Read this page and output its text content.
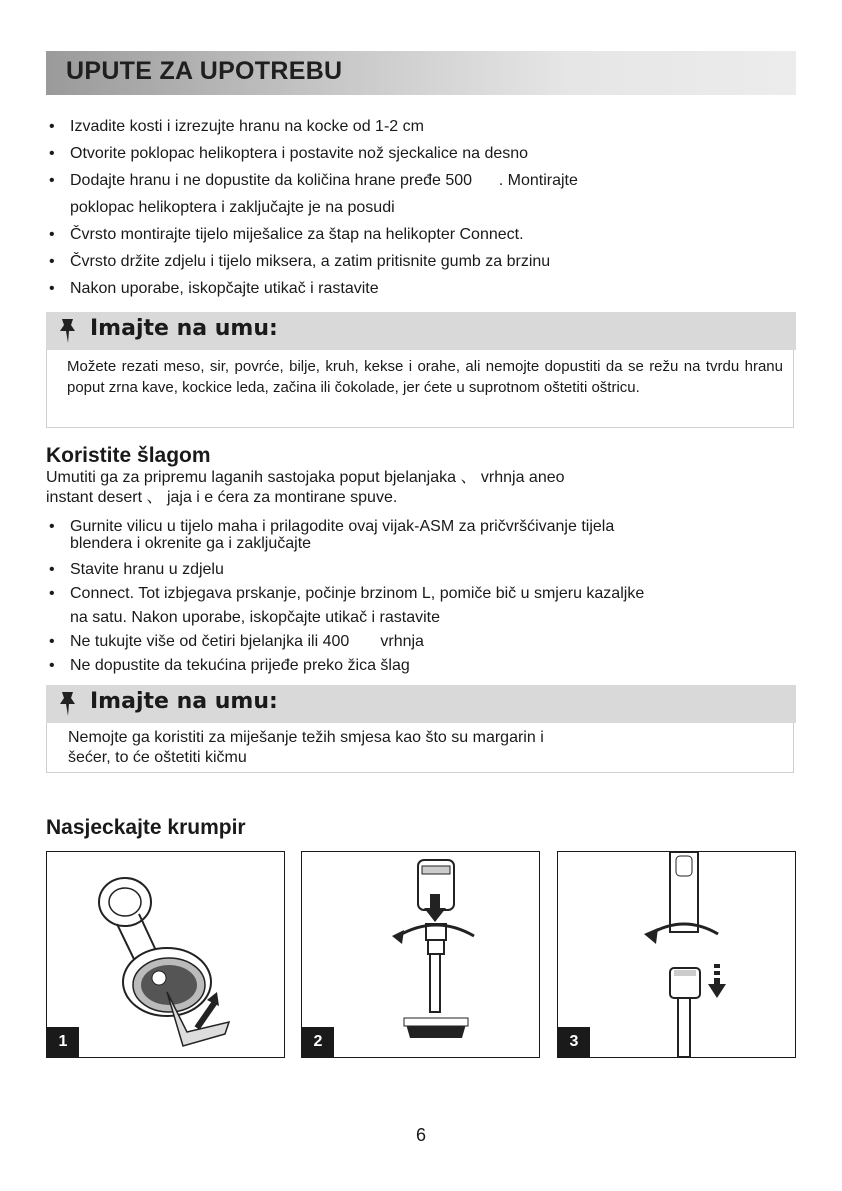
UPUTE ZA UPOTREBU
• Izvadite kosti i izrezujte hranu na kocke od 1-2 cm
• Otvorite poklopac helikoptera i postavite nož sjeckalice na desno
• Dodajte hranu i ne dopustite da količina hrane pređe 500      . Montirajte
poklopac helikoptera i zaključajte je na posudi
• Čvrsto montirajte tijelo miješalice za štap na helikopter Connect.
• Čvrsto držite zdjelu i tijelo miksera, a zatim pritisnite gumb za brzinu
• Nakon uporabe, iskopčajte utikač i rastavite
Imajte na umu:

Možete rezati meso, sir, povrće, bilje, kruh, kekse i orahe, ali nemojte dopustiti da se režu na tvrdu hranu poput zrna kave, kockice leda, začina ili čokolade, jer ćete u suprotnom oštetiti oštricu.

Koristite šlagom
Umutiti ga za pripremu laganih sastojaka poput bjelanjaka 、 vrhnja aneo
instant desert 、 jaja i e ćera za montirane spuve.
• Gurnite vilicu u tijelo maha i prilagodite ovaj vijak-ASM za pričvršćivanje tijela
blendera i okrenite ga i zaključajte
• Stavite hranu u zdjelu
• Connect. Tot izbjegava prskanje, počinje brzinom L, pomiče bič u smjeru kazaljke
na satu. Nakon uporabe, iskopčajte utikač i rastavite
• Ne tukujte više od četiri bjelanjka ili 400       vrhnja
• Ne dopustite da tekućina prijeđe preko žica šlag
Imajte na umu:
Nemojte ga koristiti za miješanje težih smjesa kao što su margarin i
šećer, to će oštetiti kičmu
Nasjeckajte krumpir
1	2	3
6
